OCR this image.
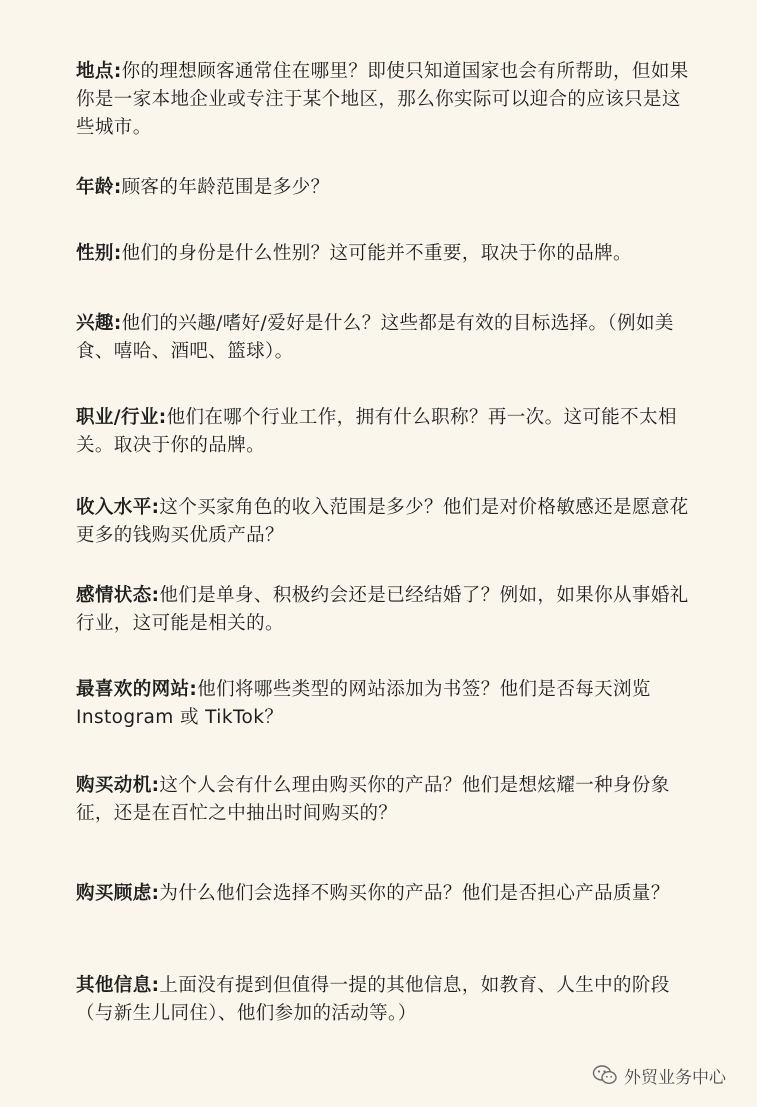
地点:你的理想顾客通常住在哪里？即使只知道国家也会有所帮助，但如果你是一家本地企业或专注于某个地区，那么你实际可以迎合的应该只是这些城市。

年龄:顾客的年龄范围是多少？

性别:他们的身份是什么性别？这可能并不重要，取决于你的品牌。

兴趣:他们的兴趣/嗜好/爱好是什么？这些都是有效的目标选择。（例如美食、嘻哈、酒吧、篮球）。

职业/行业:他们在哪个行业工作，拥有什么职称？再一次。这可能不太相关。取决于你的品牌。

收入水平:这个买家角色的收入范围是多少？他们是对价格敏感还是愿意花更多的钱购买优质产品？

感情状态:他们是单身、积极约会还是已经结婚了？例如，如果你从事婚礼行业，这可能是相关的。

最喜欢的网站:他们将哪些类型的网站添加为书签？他们是否每天浏览 Instogram 或 TikTok？

购买动机:这个人会有什么理由购买你的产品？他们是想炫耀一种身份象征，还是在百忙之中抽出时间购买的？

购买顾虑:为什么他们会选择不购买你的产品？他们是否担心产品质量？

其他信息:上面没有提到但值得一提的其他信息，如教育、人生中的阶段（与新生儿同住）、他们参加的活动等。）

外贸业务中心
